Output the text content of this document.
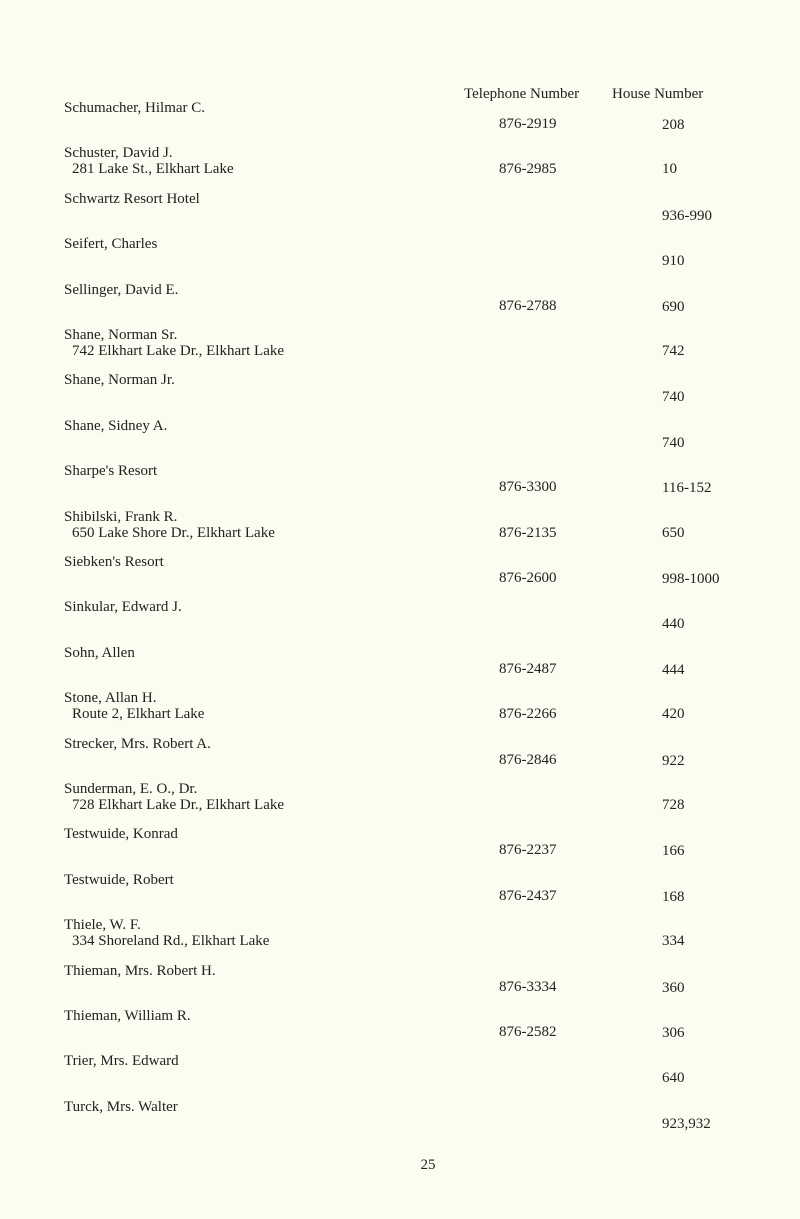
Telephone Number House Number
Schumacher, Hilmar C.
876-2919	208
Schuster, David J.
281 Lake St., Elkhart Lake	876-2985	10
Schwartz Resort Hotel
936-990
Seifert, Charles
910
Sellinger, David E.
876-2788	690
Shane, Norman Sr.
742 Elkhart Lake Dr., Elkhart Lake	742
Shane, Norman Jr.
740
Shane, Sidney A.
740
Sharpe's Resort
876-3300	116-152
Shibilski, Frank R.
650 Lake Shore Dr., Elkhart Lake	876-2135	650
Siebken's Resort
876-2600	998-1000
Sinkular, Edward J.
440
Sohn, Allen
876-2487	444
Stone, Allan H.
Route 2, Elkhart Lake	876-2266	420
Strecker, Mrs. Robert A.
876-2846	922
Sunderman, E. O., Dr.
728 Elkhart Lake Dr., Elkhart Lake	728
Testwuide, Konrad
876-2237	166
Testwuide, Robert
876-2437	168
Thiele, W. F.
334 Shoreland Rd., Elkhart Lake	334
Thieman, Mrs. Robert H.
876-3334	360
Thieman, William R.
876-2582	306
Trier, Mrs. Edward
640
Turck, Mrs. Walter
923,932
25
